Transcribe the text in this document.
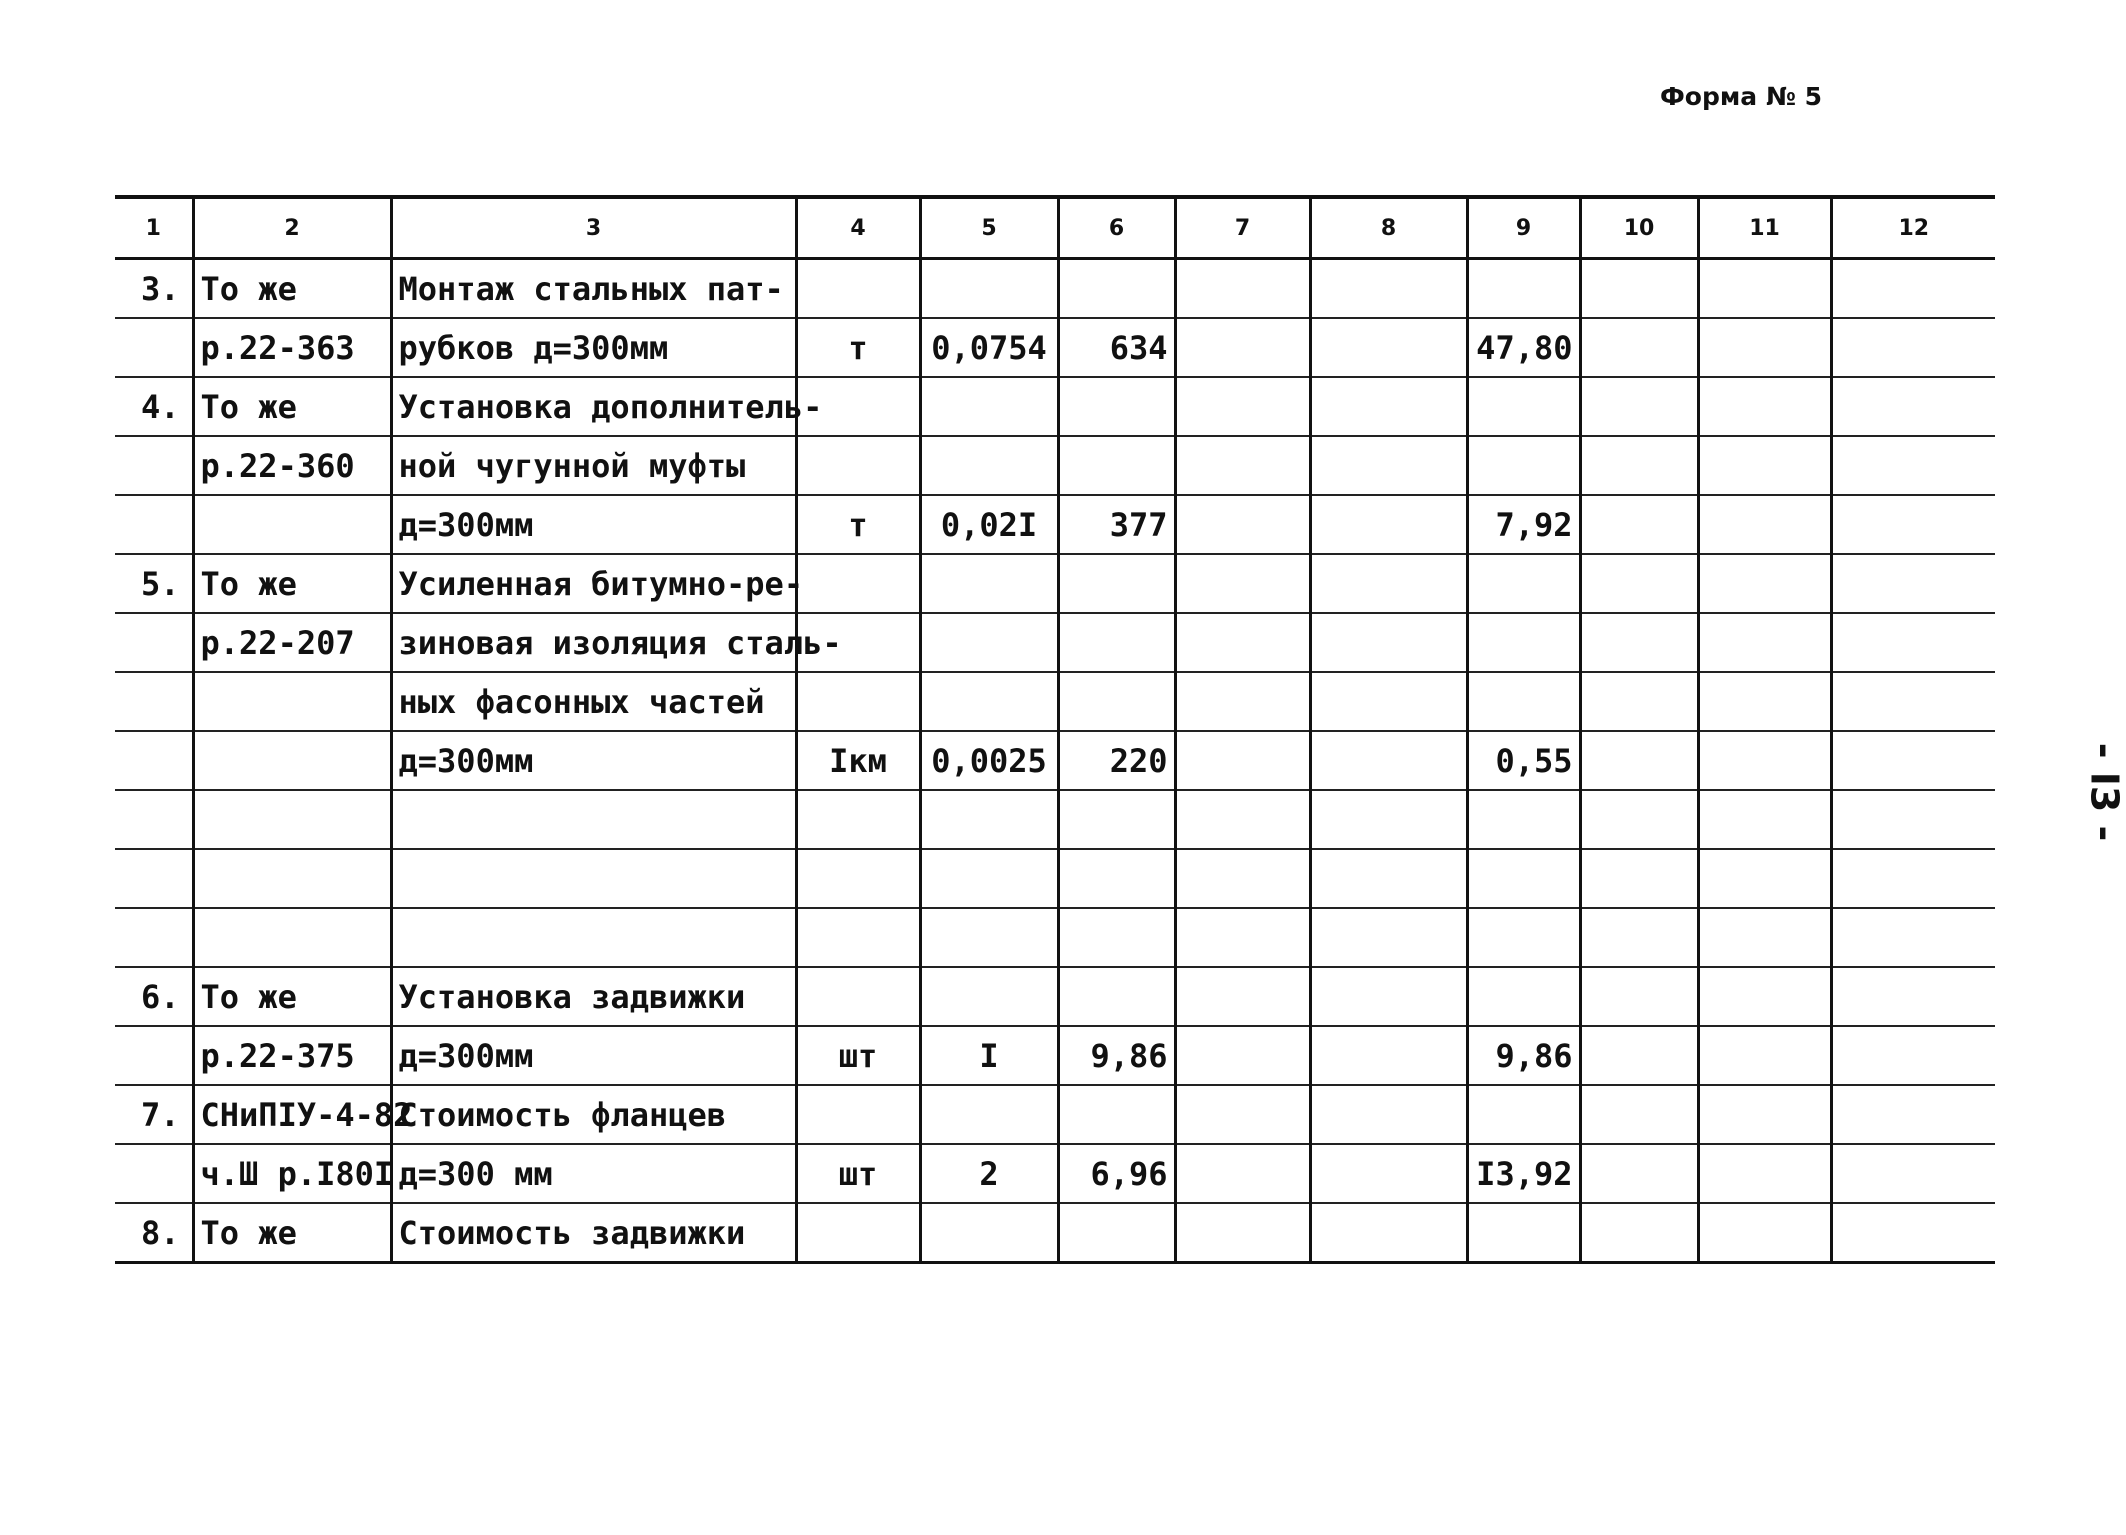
Форма № 5
- I3 -
1	2	3	4	5	6	7	8	9	10	11	12
3.	То же	Монтаж стальных пат-									
	р.22-363	рубков д=300мм	т	0,0754	634			47,80			
4.	То же	Установка дополнитель-									
	р.22-360	ной чугунной муфты									
		д=300мм	т	0,02I	377			7,92			
5.	То же	Усиленная битумно-ре-									
	р.22-207	зиновая изоляция сталь-									
		ных фасонных частей									
		д=300мм	Iкм	0,0025	220			0,55			

6.	То же	Установка задвижки									
	р.22-375	д=300мм	шт	I	9,86			9,86			
7.	СНиПIУ-4-82	Стоимость фланцев									
	ч.Ш р.I80I	д=300 мм	шт	2	6,96			I3,92			
8.	То же	Стоимость задвижки									
